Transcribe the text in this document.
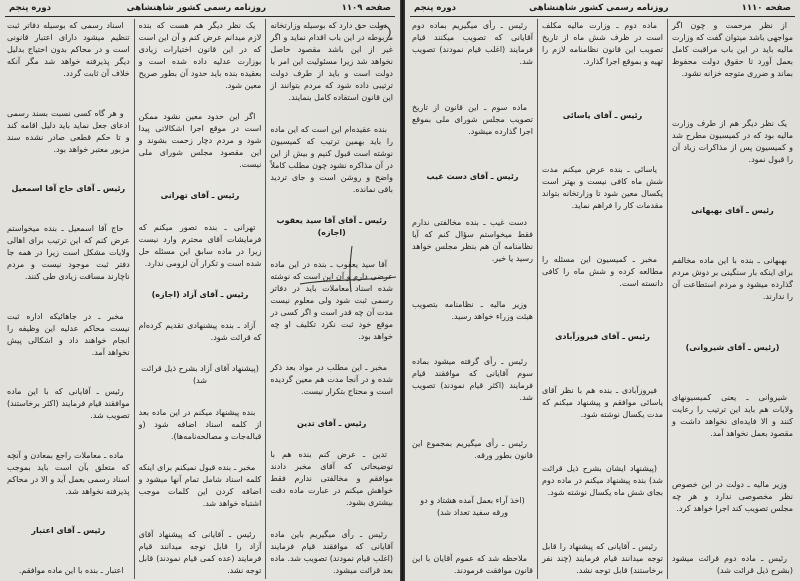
صفحه ۱۱۰۹
روزنامه رسمی کشور شاهنشاهی
دوره پنجم

دولت حق دارد که بوسیله وزارتخانه مربوطه در این باب اقدام نماید و اگر غیر از این باشد مقصود حاصل نخواهد شد زیرا مسئولیت این امر با دولت است و باید از طرف دولت ترتیبی داده شود که مردم بتوانند از این قانون استفاده کامل بنمایند.

بنده عقیده‌ام این است که این ماده را باید بهمین ترتیب که کمیسیون نوشته است قبول کنیم و بیش از این در آن مذاکره نشود چون مطلب کاملاً واضح و روشن است و جای تردید باقی نمانده.

رئیس ـ آقای آقا سید یعقوب (اجازه)

آقا سید یعقوب ـ بنده در این ماده عرضی دارم و آن این است که نوشته شده اسناد معاملات باید در دفاتر رسمی ثبت شود ولی معلوم نیست مدت آن چه قدر است و اگر کسی در موقع خود ثبت نکرد تکلیف او چه خواهد بود.

مخبر ـ این مطلب در مواد بعد ذکر شده و در آنجا مدت هم معین گردیده است و محتاج بتکرار نیست.

رئیس ـ آقای تدین

تدین ـ عرض کنم بنده هم با توضیحاتی که آقای مخبر دادند موافقم و مخالفتی ندارم فقط خواهش میکنم در عبارت ماده دقت بیشتری بشود.

رئیس ـ رأی میگیریم باین ماده آقایانی که موافقند قیام فرمایند (اغلب قیام نمودند) تصویب شد. ماده بعد قرائت میشود.

یک نظر دیگر هم هست که بنده لازم میدانم عرض کنم و آن این است که در این قانون اختیارات زیادی بوزارت عدلیه داده شده است و بعقیده بنده باید حدود آن بطور صریح معین شود.

اگر این حدود معین نشود ممکن است در موقع اجرا اشکالاتی پیدا شود و مردم دچار زحمت بشوند و این مقصود مجلس شورای ملی نیست.

رئیس ـ آقای تهرانی

تهرانی ـ بنده تصور میکنم که فرمایشات آقای محترم وارد نیست زیرا در ماده سابق این مسئله حل شده است و تکرار آن لزومی ندارد.

رئیس ـ آقای آزاد (اجازه)

آزاد ـ بنده پیشنهادی تقدیم کرده‌ام که قرائت شود.

(پیشنهاد آقای آزاد بشرح ذیل قرائت شد)

بنده پیشنهاد میکنم در این ماده بعد از کلمه اسناد اضافه شود (و قباله‌جات و مصالحه‌نامه‌ها).

مخبر ـ بنده قبول نمیکنم برای اینکه کلمه اسناد شامل تمام آنها میشود و اضافه کردن این کلمات موجب اشتباه خواهد شد.

رئیس ـ آقایانی که پیشنهاد آقای آزاد را قابل توجه میدانند قیام فرمایند (عده کمی قیام نمودند) قابل توجه نشد.

اسناد رسمی که بوسیله دفاتر ثبت تنظیم میشود دارای اعتبار قانونی است و در محاکم بدون احتیاج بدلیل دیگر پذیرفته خواهد شد مگر آنکه خلاف آن ثابت گردد.

و هر گاه کسی نسبت بسند رسمی ادعای جعل نماید باید دلیل اقامه کند و تا حکم قطعی صادر نشده سند مزبور معتبر خواهد بود.

رئیس ـ آقای حاج آقا اسمعیل

حاج آقا اسمعیل ـ بنده میخواستم عرض کنم که این ترتیب برای اهالی ولایات مشکل است زیرا در همه جا دفتر ثبت موجود نیست و مردم ناچارند مسافت زیادی طی کنند.

مخبر ـ در جاهائیکه اداره ثبت نیست محاکم عدلیه این وظیفه را انجام خواهند داد و اشکالی پیش نخواهد آمد.

رئیس ـ آقایانی که با این ماده موافقند قیام فرمایند (اکثر برخاستند) تصویب شد.

ماده ـ معاملات راجع بمعادن و آنچه که متعلق بآن است باید بموجب اسناد رسمی بعمل آید و الا در محاکم پذیرفته نخواهد شد.

رئیس ـ آقای اعتبار

اعتبار ـ بنده با این ماده موافقم.

صفحه ۱۱۱۰
روزنامه رسمی کشور شاهنشاهی
دوره پنجم

از نظر مرحمت و چون اگر مواجهی باشد میتوان گفت که وزارت مالیه باید در این باب مراقبت کامل بعمل آورد تا حقوق دولت محفوظ بماند و ضرری متوجه خزانه نشود.

یک نظر دیگر هم از طرف وزارت مالیه بود که در کمیسیون مطرح شد و کمیسیون پس از مذاکرات زیاد آن را قبول نمود.

رئیس ـ آقای بهبهانی

بهبهانی ـ بنده با این ماده مخالفم برای اینکه بار سنگینی بر دوش مردم گذارده میشود و مردم استطاعت آن را ندارند.

(رئیس ـ آقای شیروانی)

شیروانی ـ یعنی کمیسیونهای ولایات هم باید این ترتیب را رعایت کنند و الا فایده‌ای نخواهد داشت و مقصود بعمل نخواهد آمد.

وزیر مالیه ـ دولت در این خصوص نظر مخصوصی ندارد و هر چه مجلس تصویب کند اجرا خواهد کرد.

رئیس ـ ماده دوم قرائت میشود (بشرح ذیل قرائت شد)

ماده دوم ـ وزارت مالیه مکلف است در ظرف شش ماه از تاریخ تصویب این قانون نظامنامه لازم را تهیه و بموقع اجرا گذارد.

رئیس ـ آقای یاسائی

یاسائی ـ بنده عرض میکنم مدت شش ماه کافی نیست و بهتر است یکسال معین شود تا وزارتخانه بتواند مقدمات کار را فراهم نماید.

مخبر ـ کمیسیون این مسئله را مطالعه کرده و شش ماه را کافی دانسته است.

رئیس ـ آقای فیروزآبادی

فیروزآبادی ـ بنده هم با نظر آقای یاسائی موافقم و پیشنهاد میکنم که مدت یکسال نوشته شود.

(پیشنهاد ایشان بشرح ذیل قرائت شد) بنده پیشنهاد میکنم در ماده دوم بجای شش ماه یکسال نوشته شود.

رئیس ـ آقایانی که پیشنهاد را قابل توجه میدانند قیام فرمایند (چند نفر برخاستند) قابل توجه نشد.

رئیس ـ رأی میگیریم بماده دوم آقایانی که تصویب میکنند قیام فرمایند (اغلب قیام نمودند) تصویب شد.

ماده سوم ـ این قانون از تاریخ تصویب مجلس شورای ملی بموقع اجرا گذارده میشود.

رئیس ـ آقای دست غیب

دست غیب ـ بنده مخالفتی ندارم فقط میخواستم سؤال کنم که آیا نظامنامه آن هم بنظر مجلس خواهد رسید یا خیر.

وزیر مالیه ـ نظامنامه بتصویب هیئت وزراء خواهد رسید.

رئیس ـ رأی گرفته میشود بماده سوم آقایانی که موافقند قیام فرمایند (اکثر قیام نمودند) تصویب شد.

رئیس ـ رأی میگیریم بمجموع این قانون بطور ورقه.

(اخذ آراء بعمل آمده هشتاد و دو ورقه سفید تعداد شد)

ملاحظه شد که عموم آقایان با این قانون موافقت فرمودند.
